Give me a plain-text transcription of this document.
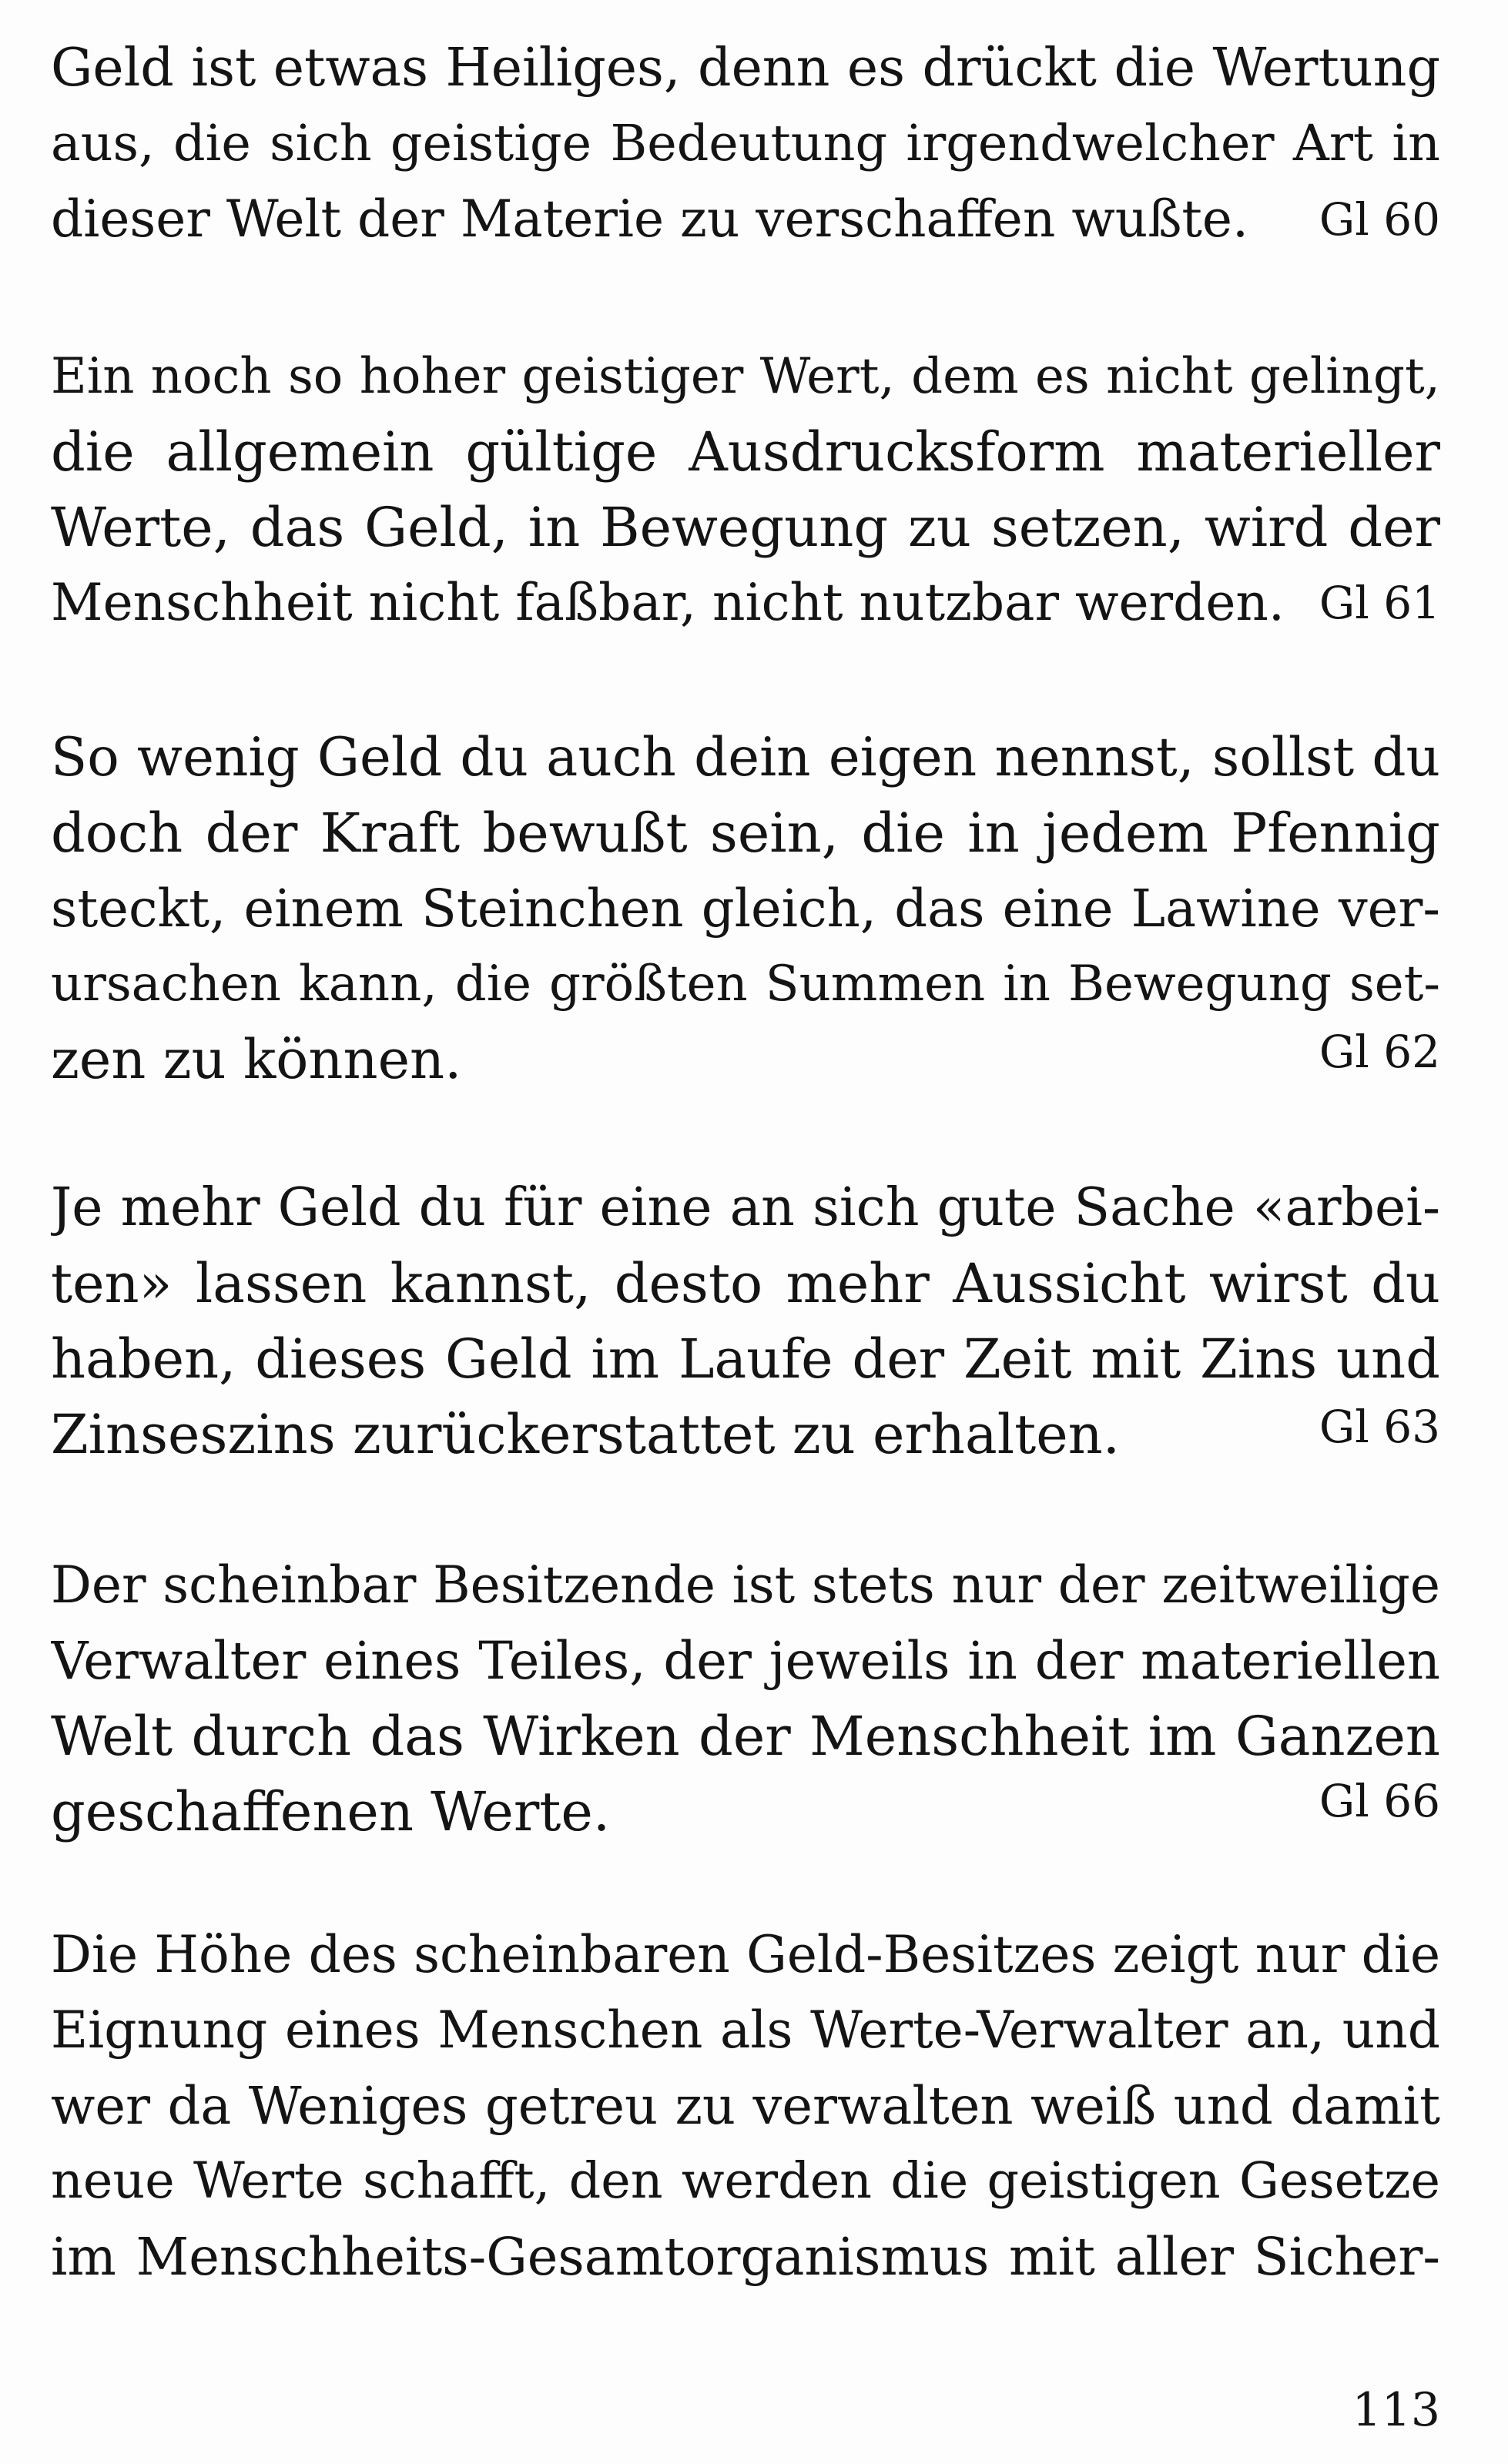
Geld ist etwas Heiliges, denn es drückt die Wertung
aus, die sich geistige Bedeutung irgendwelcher Art in
dieser Welt der Materie zu verschaffen wußte. Gl 60
Ein noch so hoher geistiger Wert, dem es nicht gelingt,
die allgemein gültige Ausdrucksform materieller
Werte, das Geld, in Bewegung zu setzen, wird der
Menschheit nicht faßbar, nicht nutzbar werden. Gl 61
So wenig Geld du auch dein eigen nennst, sollst du
doch der Kraft bewußt sein, die in jedem Pfennig
steckt, einem Steinchen gleich, das eine Lawine ver-
ursachen kann, die größten Summen in Bewegung set-
zen zu können.	Gl 62
Je mehr Geld du für eine an sich gute Sache «arbei-
ten» lassen kannst, desto mehr Aussicht wirst du
haben, dieses Geld im Laufe der Zeit mit Zins und
Zinseszins zurückerstattet zu erhalten.	Gl 63
Der scheinbar Besitzende ist stets nur der zeitweilige
Verwalter eines Teiles, der jeweils in der materiellen
Welt durch das Wirken der Menschheit im Ganzen
geschaffenen Werte.	Gl 66
Die Höhe des scheinbaren Geld-Besitzes zeigt nur die
Eignung eines Menschen als Werte-Verwalter an, und
wer da Weniges getreu zu verwalten weiß und damit
neue Werte schafft, den werden die geistigen Gesetze
im Menschheits-Gesamtorganismus mit aller Sicher-
113
